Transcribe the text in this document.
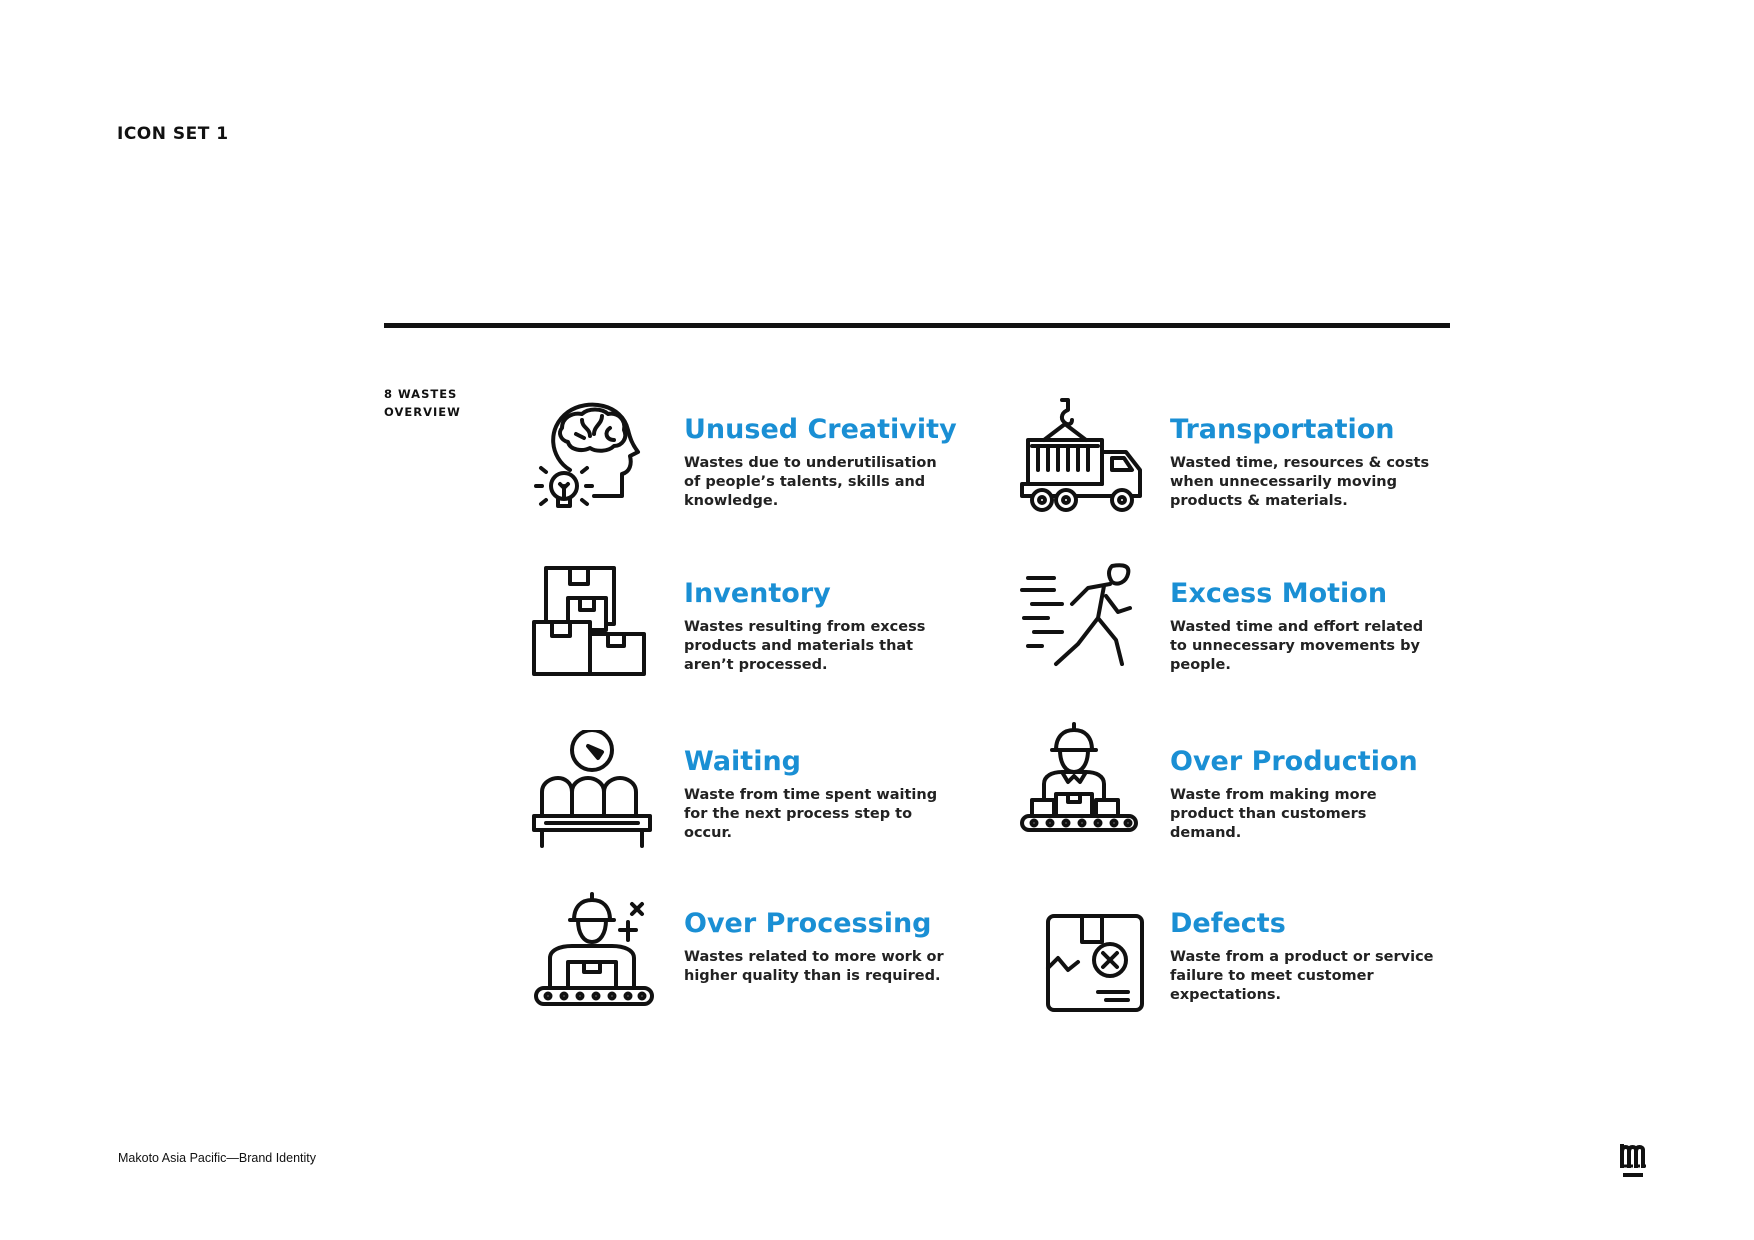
ICON SET 1
8 WASTES
OVERVIEW
Unused Creativity
Wastes due to underutilisation of people’s talents, skills and knowledge.
Transportation
Wasted time, resources & costs when unnecessarily moving products & materials.
Inventory
Wastes resulting from excess products and materials that aren’t processed.
Excess Motion
Wasted time and effort related to unnecessary movements by people.
Waiting
Waste from time spent waiting for the next process step to occur.
Over Production
Waste from making more product than customers demand.
Over Processing
Wastes related to more work or higher quality than is required.
Defects
Waste from a product or service failure to meet customer expectations.
Makoto Asia Pacific—Brand Identity
